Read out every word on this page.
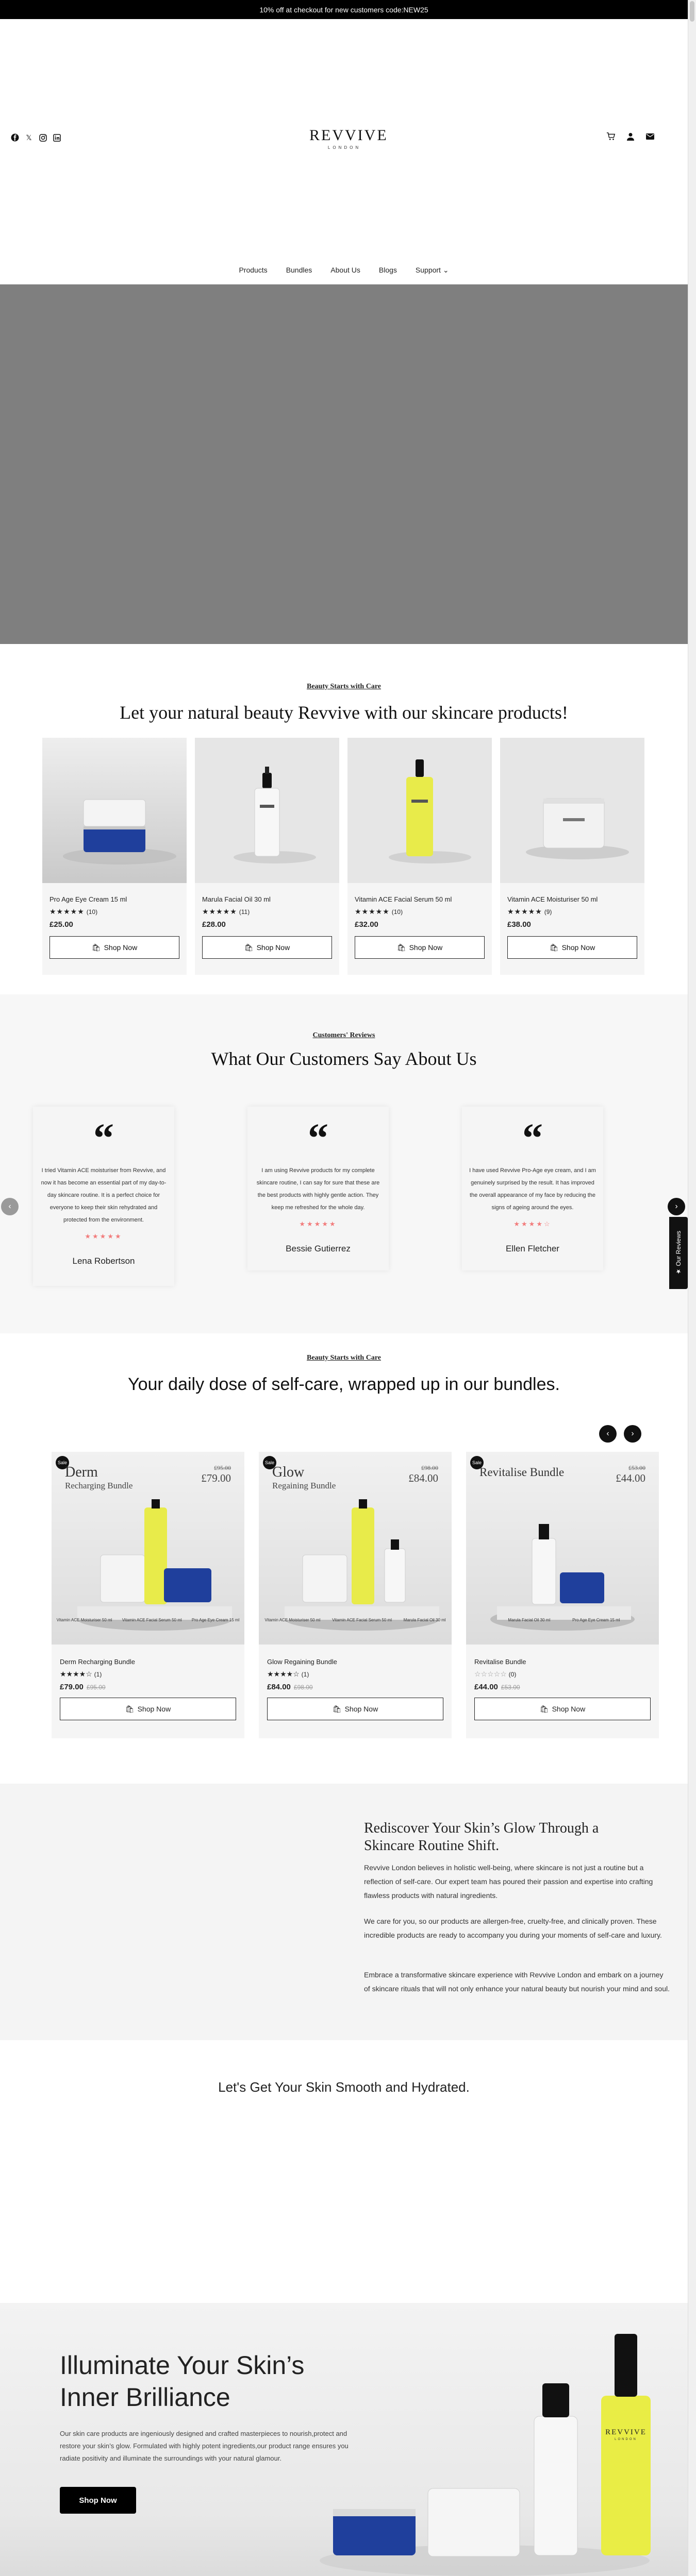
10% off at checkout for new customers code:NEW25
𝕏	REVVIVE
LONDON
Products	Bundles	About Us	Blogs	Support ⌄
Beauty Starts with Care
Let your natural beauty Revvive with our skincare products!
Pro Age Eye Cream 15 ml
★★★★★ (10)
£25.00
🛍 Shop Now
Marula Facial Oil 30 ml
★★★★★ (11)
£28.00
🛍 Shop Now
Vitamin ACE Facial Serum 50 ml
★★★★★ (10)
£32.00
🛍 Shop Now
Vitamin ACE Moisturiser 50 ml
★★★★★ (9)
£38.00
🛍 Shop Now
Customers' Reviews
What Our Customers Say About Us
“
I tried Vitamin ACE moisturiser from Revvive, and now it has become an essential part of my day-to-day skincare routine. It is a perfect choice for everyone to keep their skin rehydrated and protected from the environment.
★★★★★
Lena Robertson
“
I am using Revvive products for my complete skincare routine, I can say for sure that these are the best products with highly gentle action. They keep me refreshed for the whole day.
★★★★★
Bessie Gutierrez
“
I have used Revvive Pro-Age eye cream, and I am genuinely surprised by the result. It has improved the overall appearance of my face by reducing the signs of ageing around the eyes.
★★★★☆
Ellen Fletcher
‹	›
★ Our Reviews
Beauty Starts with Care
Your daily dose of self-care, wrapped up in our bundles.
‹	›
Sale
Derm
Recharging Bundle
£95.00
£79.00
Vitamin ACE Moisturiser 50 ml Vitamin ACE Facial Serum 50 ml Pro Age Eye Cream 15 ml
Derm Recharging Bundle
★★★★☆ (1)
£79.00 £95.00
🛍 Shop Now
Sale
Glow
Regaining Bundle
£98.00
£84.00
Vitamin ACE Moisturiser 50 ml	Vitamin ACE Facial Serum 50 ml	Marula Facial Oil 30 ml
Glow Regaining Bundle
★★★★☆ (1)
£84.00 £98.00
🛍 Shop Now
Sale
Revitalise Bundle	£53.00
£44.00
Marula Facial Oil 30 ml	Pro Age Eye Cream 15 ml
Revitalise Bundle
☆☆☆☆☆ (0)
£44.00 £53.00
🛍 Shop Now
Rediscover Your Skin’s Glow Through a Skincare Routine Shift.
Revvive London believes in holistic well-being, where skincare is not just a routine but a reflection of self-care. Our expert team has poured their passion and expertise into crafting flawless products with natural ingredients.
We care for you, so our products are allergen-free, cruelty-free, and clinically proven. These incredible products are ready to accompany you during your moments of self-care and luxury.
Embrace a transformative skincare experience with Revvive London and embark on a journey of skincare rituals that will not only enhance your natural beauty but nourish your mind and soul.
Let's Get Your Skin Smooth and Hydrated.
REVVIVE
LONDON
Illuminate Your Skin’s Inner Brilliance
Our skin care products are ingeniously designed and crafted masterpieces to nourish,protect and restore your skin’s glow. Formulated with highly potent ingredients,our product range ensures you radiate positivity and illuminate the surroundings with your natural glamour.
Shop Now
